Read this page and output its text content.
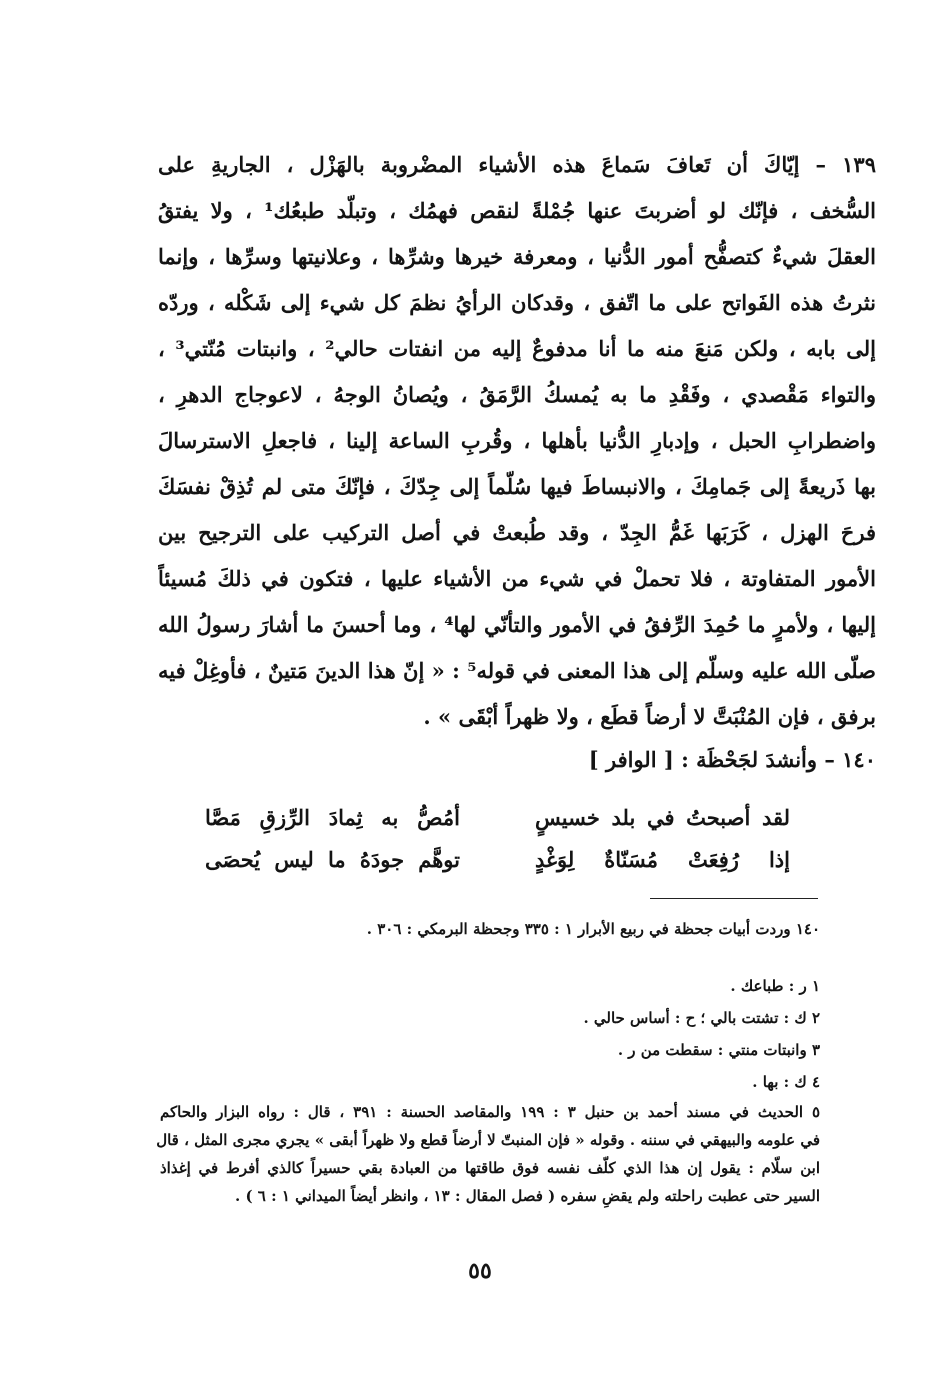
١٣٩ – إيّاكَ أن تَعافَ سَماعَ هذه الأشياء المضْروبة بالهَزْل ، الجاريةِ على
السُّخف ، فإنّك لو أضربتَ عنها جُمْلةً لنقص فهمُك ، وتبلّد طبعُك¹ ، ولا يفتقُ
العقلَ شيءٌ كتصفُّح أمور الدُّنيا ، ومعرفة خيرها وشرِّها ، وعلانيتها وسرِّها ، وإنما
نثرتُ هذه الفَواتح على ما اتّفق ، وقدكان الرأيُ نظمَ كل شيء إلى شَكْله ، وردّه
إلى بابه ، ولكن مَنعَ منه ما أنا مدفوعٌ إليه من انفتات حالي² ، وانبتات مُنّتي³ ،
والتواء مَقْصدي ، وفَقْدِ ما به يُمسكُ الرَّمَقُ ، ويُصانُ الوجهُ ، لاعوجاج الدهرِ ،
واضطرابِ الحبل ، وإدبارِ الدُّنيا بأهلها ، وقُربِ الساعة إلينا ، فاجعلِ الاسترسالَ
بها ذَريعةً إلى جَمامِكَ ، والانبساطَ فيها سُلّماً إلى جِدّكَ ، فإنّكَ متى لم تُذِقْ نفسَكَ
فرحَ الهزل ، كَرَبَها غَمُّ الجِدّ ، وقد طُبعتْ في أصل التركيب على الترجيح بين
الأمور المتفاوتة ، فلا تحملْ في شيء من الأشياء عليها ، فتكون في ذلكَ مُسيئاً
إليها ، ولأمرٍ ما حُمِدَ الرِّفقُ في الأمور والتأنّي لها⁴ ، وما أحسنَ ما أشارَ رسولُ الله
صلّى الله عليه وسلّم إلى هذا المعنى في قوله⁵ : « إنّ هذا الدينَ مَتينٌ ، فأوغِلْ فيه
برفق ، فإن المُنْبَتَّ لا أرضاً قطَع ، ولا ظهراً أبْقَى » .
١٤٠ – وأنشدَ لجَحْظَة : [ الوافر ]
لقد أصبحتُ في بلد خسيسٍ
أمُصُّ به ثِمادَ الرِّزقِ مَصَّا
إذا رُفِعَتْ مُسَنّاةٌ لِوَغْدٍ
توهَّم جودَهُ ما ليس يُحصَى
١٤٠ وردت أبيات جحظة في ربيع الأبرار ١ : ٣٣٥ وجحظة البرمكي : ٣٠٦ .
١ ر : طباعك .
٢ ك : تشتت بالي ؛ ح : أساس حالي .
٣ وانبتات منتي : سقطت من ر .
٤ ك : بها .
٥ الحديث في مسند أحمد بن حنبل ٣ : ١٩٩ والمقاصد الحسنة : ٣٩١ ، قال : رواه البزار والحاكم
في علومه والبيهقي في سننه . وقوله « فإن المنبتّ لا أرضاً قطع ولا ظهراً أبقى » يجري مجرى المثل ، قال
ابن سلّام : يقول إن هذا الذي كلّف نفسه فوق طاقتها من العبادة بقي حسيراً كالذي أفرط في إغذاذ
السير حتى عطبت راحلته ولم يقضِ سفره ( فصل المقال : ١٣ ، وانظر أيضاً الميداني ١ : ٦ ) .
٥٥
